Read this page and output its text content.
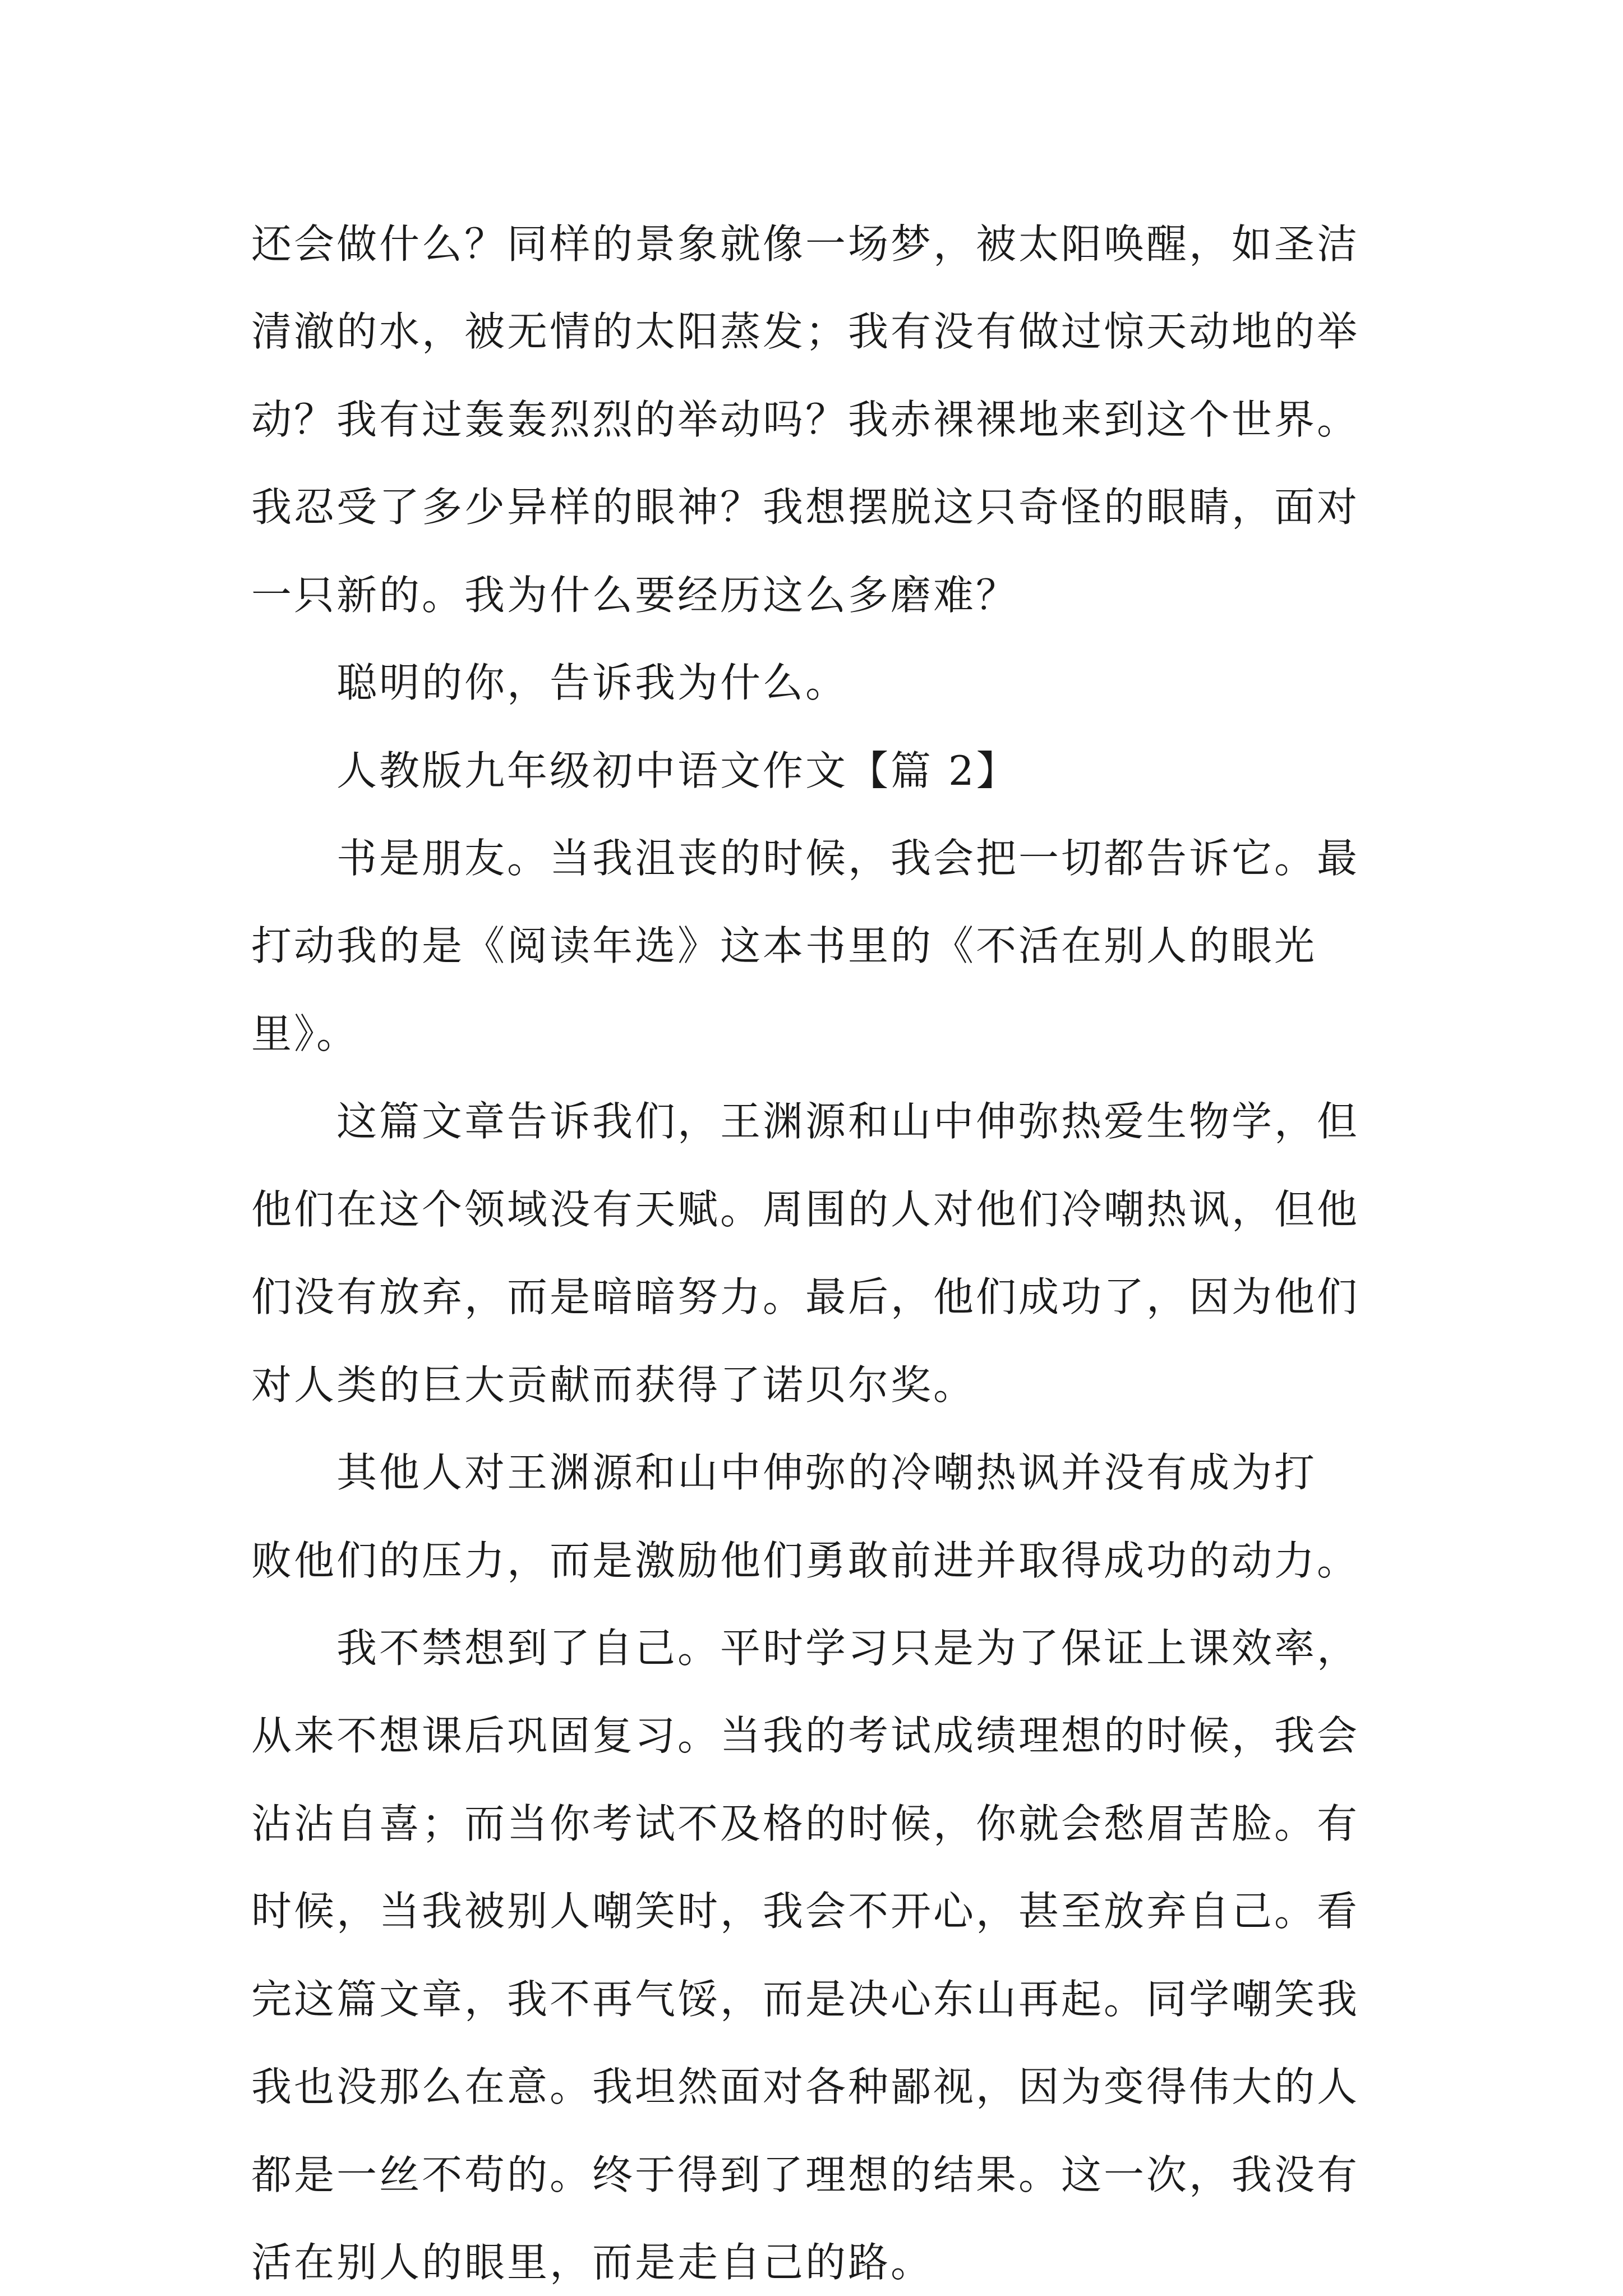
还会做什么？同样的景象就像一场梦，被太阳唤醒，如圣洁
清澈的水，被无情的太阳蒸发；我有没有做过惊天动地的举
动？我有过轰轰烈烈的举动吗？我赤裸裸地来到这个世界。
我忍受了多少异样的眼神？我想摆脱这只奇怪的眼睛，面对
一只新的。我为什么要经历这么多磨难？
聪明的你，告诉我为什么。
人教版九年级初中语文作文【篇 2】
书是朋友。当我沮丧的时候，我会把一切都告诉它。最
打动我的是《阅读年选》这本书里的《不活在别人的眼光
里》。
这篇文章告诉我们，王渊源和山中伸弥热爱生物学，但
他们在这个领域没有天赋。周围的人对他们冷嘲热讽，但他
们没有放弃，而是暗暗努力。最后，他们成功了，因为他们
对人类的巨大贡献而获得了诺贝尔奖。
其他人对王渊源和山中伸弥的冷嘲热讽并没有成为打
败他们的压力，而是激励他们勇敢前进并取得成功的动力。
我不禁想到了自己。平时学习只是为了保证上课效率，
从来不想课后巩固复习。当我的考试成绩理想的时候，我会
沾沾自喜；而当你考试不及格的时候，你就会愁眉苦脸。有
时候，当我被别人嘲笑时，我会不开心，甚至放弃自己。看
完这篇文章，我不再气馁，而是决心东山再起。同学嘲笑我
我也没那么在意。我坦然面对各种鄙视，因为变得伟大的人
都是一丝不苟的。终于得到了理想的结果。这一次，我没有
活在别人的眼里，而是走自己的路。
